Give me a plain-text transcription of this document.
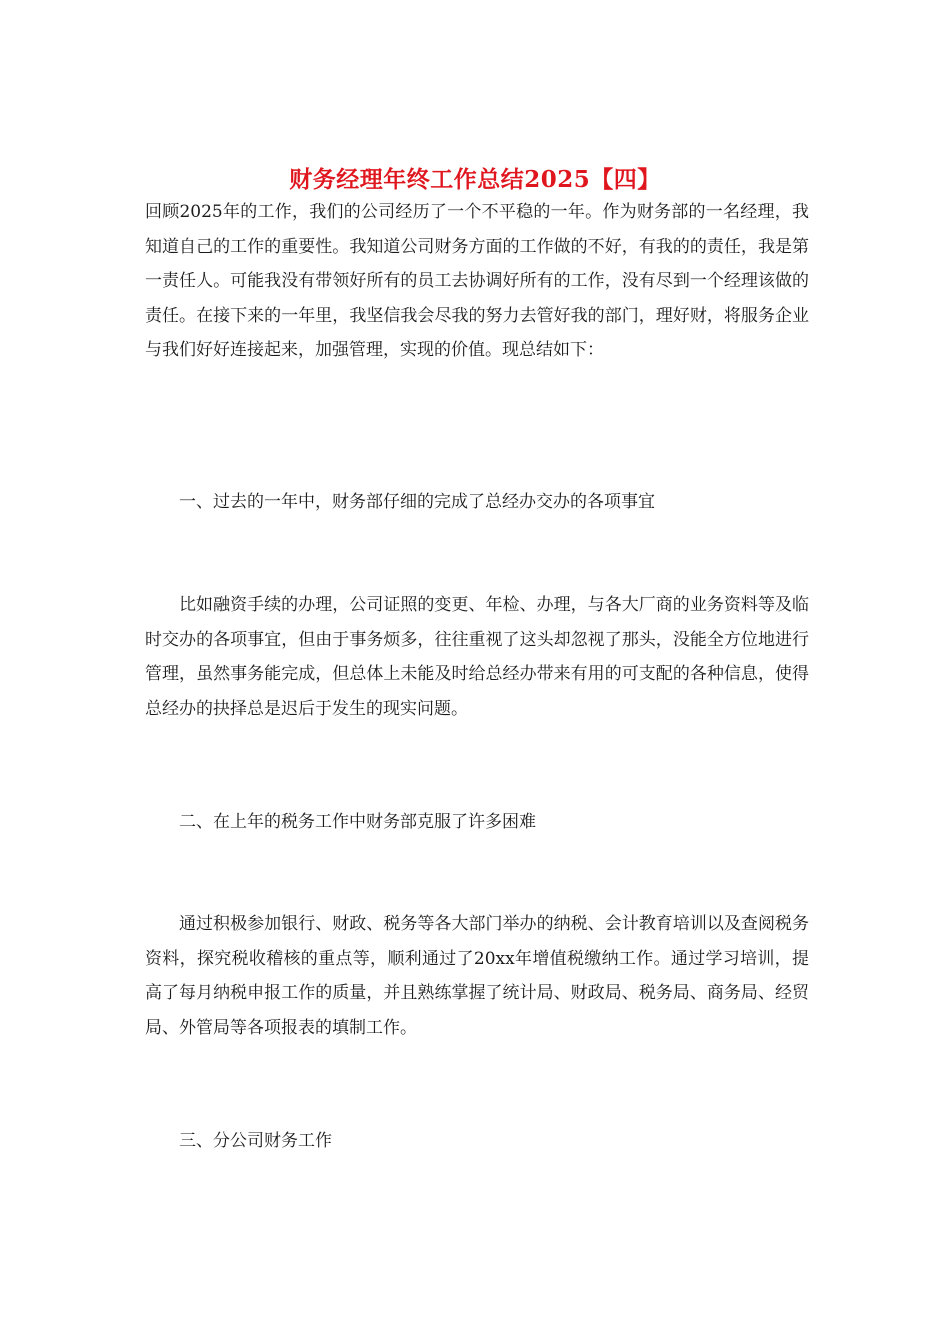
财务经理年终工作总结2025【四】

回顾2025年的工作，我们的公司经历了一个不平稳的一年。作为财务部的一名经理，我知道自己的工作的重要性。我知道公司财务方面的工作做的不好，有我的的责任，我是第一责任人。可能我没有带领好所有的员工去协调好所有的工作，没有尽到一个经理该做的责任。在接下来的一年里，我坚信我会尽我的努力去管好我的部门，理好财，将服务企业与我们好好连接起来，加强管理，实现的价值。现总结如下：

一、过去的一年中，财务部仔细的完成了总经办交办的各项事宜

比如融资手续的办理，公司证照的变更、年检、办理，与各大厂商的业务资料等及临时交办的各项事宜，但由于事务烦多，往往重视了这头却忽视了那头，没能全方位地进行管理，虽然事务能完成，但总体上未能及时给总经办带来有用的可支配的各种信息，使得总经办的抉择总是迟后于发生的现实问题。

二、在上年的税务工作中财务部克服了许多困难

通过积极参加银行、财政、税务等各大部门举办的纳税、会计教育培训以及查阅税务资料，探究税收稽核的重点等，顺利通过了20xx年增值税缴纳工作。通过学习培训，提高了每月纳税申报工作的质量，并且熟练掌握了统计局、财政局、税务局、商务局、经贸局、外管局等各项报表的填制工作。

三、分公司财务工作
